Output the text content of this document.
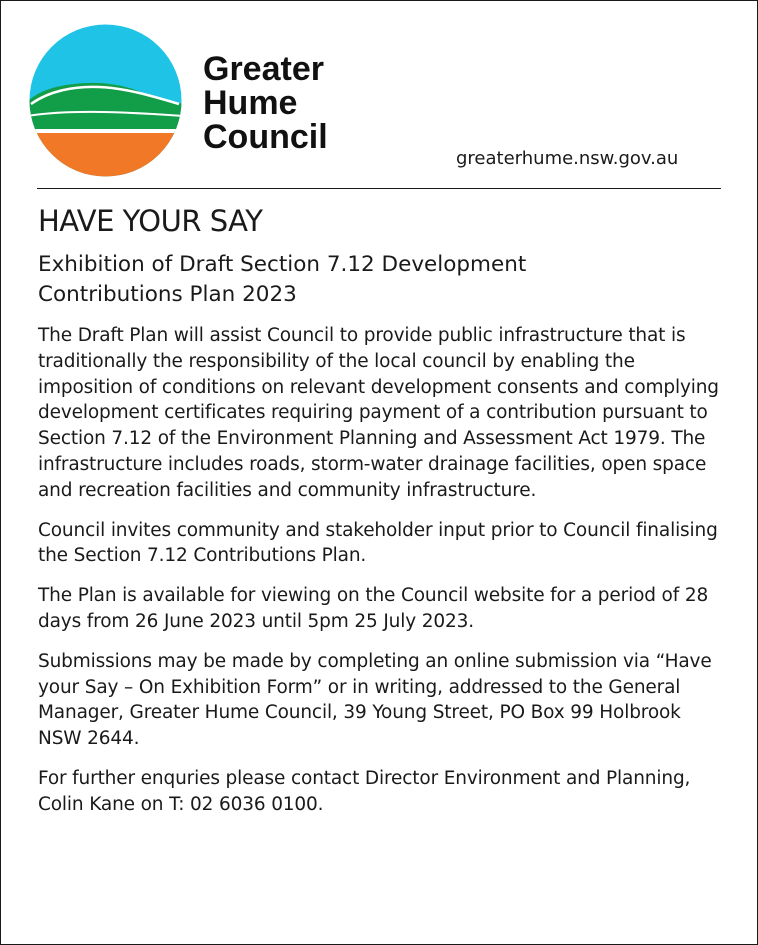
Greater
Hume
Council
greaterhume.nsw.gov.au
HAVE YOUR SAY
Exhibition of Draft Section 7.12 Development
Contributions Plan 2023

The Draft Plan will assist Council to provide public infrastructure that is traditionally the responsibility of the local council by enabling the imposition of conditions on relevant development consents and complying development certificates requiring payment of a contribution pursuant to Section 7.12 of the Environment Planning and Assessment Act 1979. The infrastructure includes roads, storm-water drainage facilities, open space and recreation facilities and community infrastructure.

Council invites community and stakeholder input prior to Council finalising the Section 7.12 Contributions Plan.

The Plan is available for viewing on the Council website for a period of 28 days from 26 June 2023 until 5pm 25 July 2023.

Submissions may be made by completing an online submission via “Have your Say – On Exhibition Form” or in writing, addressed to the General Manager, Greater Hume Council, 39 Young Street, PO Box 99 Holbrook NSW 2644.

For further enquries please contact Director Environment and Planning, Colin Kane on T: 02 6036 0100.
